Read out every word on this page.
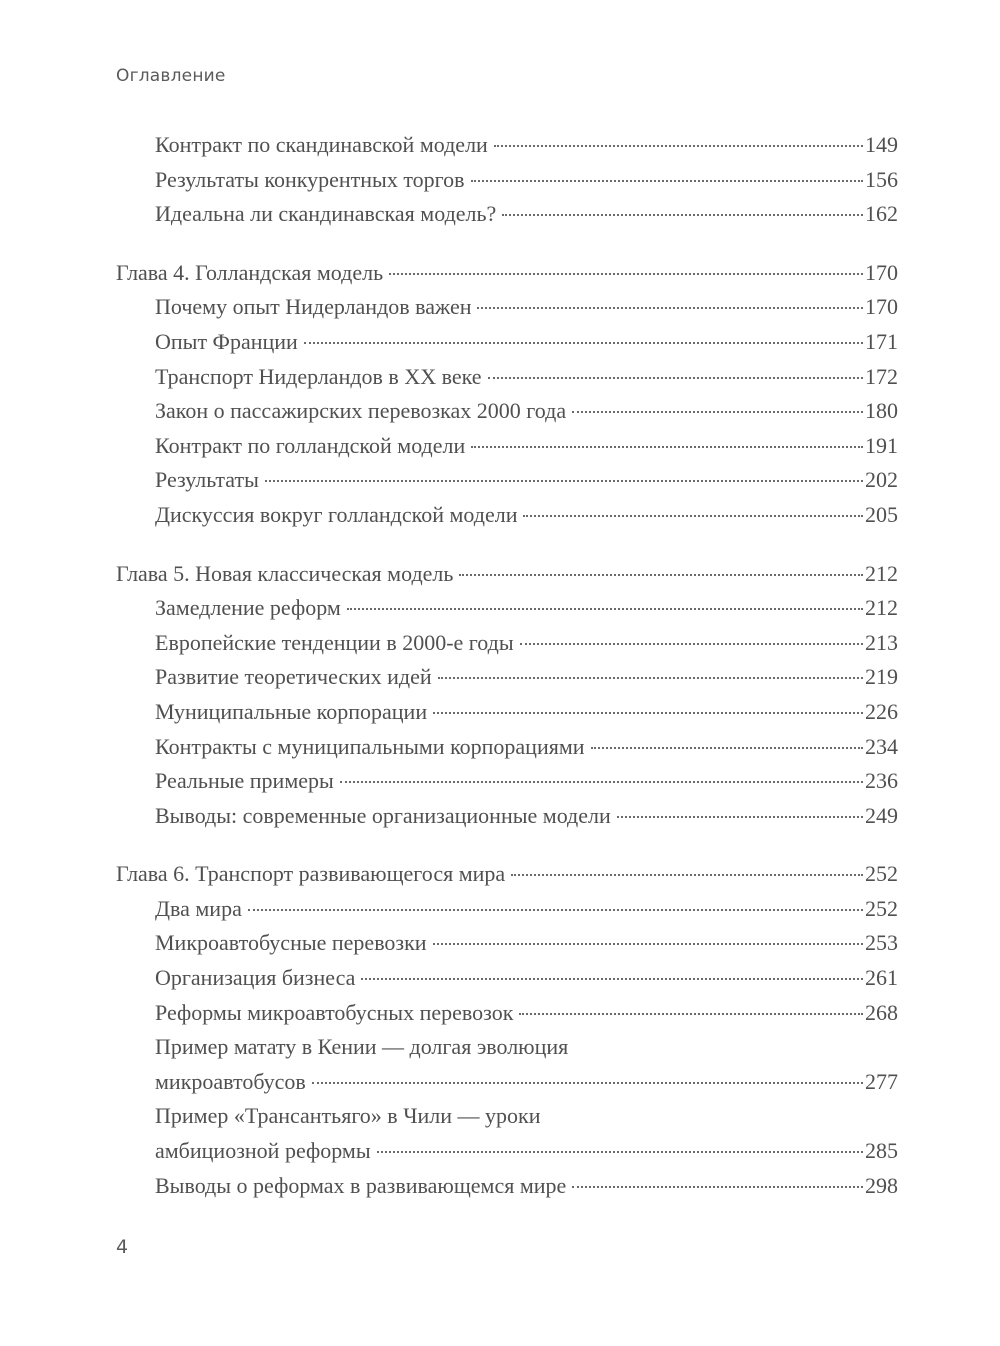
Оглавление
Контракт по скандинавской модели	149
Результаты конкурентных торгов	156
Идеальна ли скандинавская модель?	162
Глава 4. Голландская модель	170
Почему опыт Нидерландов важен	170
Опыт Франции	171
Транспорт Нидерландов в XX веке	172
Закон о пассажирских перевозках 2000 года	180
Контракт по голландской модели	191
Результаты	202
Дискуссия вокруг голландской модели	205
Глава 5. Новая классическая модель	212
Замедление реформ	212
Европейские тенденции в 2000-е годы	213
Развитие теоретических идей	219
Муниципальные корпорации	226
Контракты с муниципальными корпорациями	234
Реальные примеры	236
Выводы: современные организационные модели	249
Глава 6. Транспорт развивающегося мира	252
Два мира	252
Микроавтобусные перевозки	253
Организация бизнеса	261
Реформы микроавтобусных перевозок	268
Пример матату в Кении — долгая эволюция
микроавтобусов	277
Пример «Трансантьяго» в Чили — уроки
амбициозной реформы	285
Выводы о реформах в развивающемся мире	298
4
